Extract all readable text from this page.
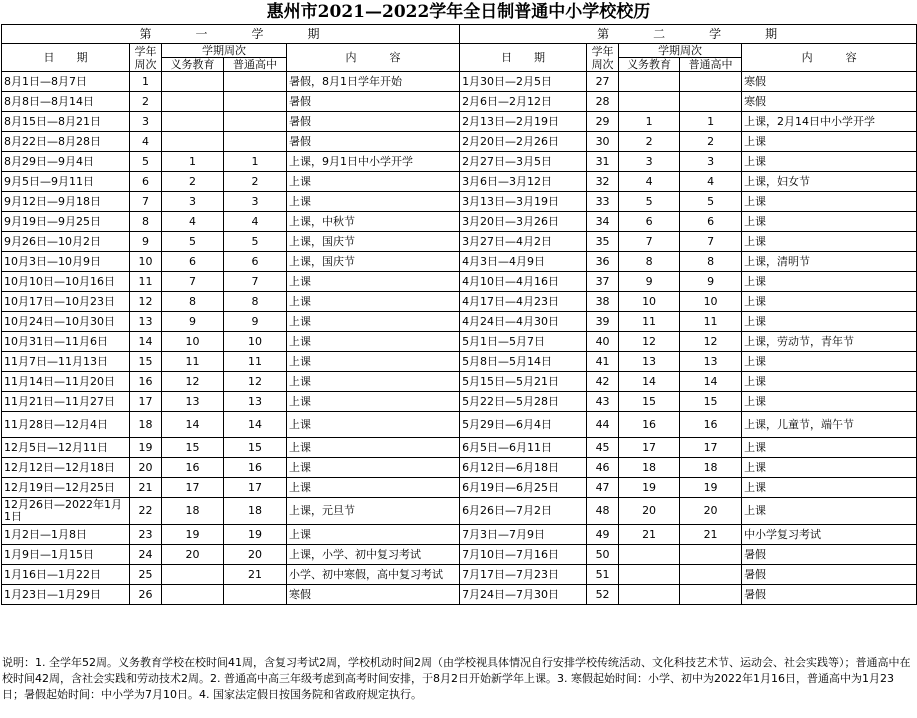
惠州市2021—2022学年全日制普通中小学校校历
第　　　一　　　学　　　期					第　　　二　　　学　　　期				
日　　期	学年周次	学期周次		内　　　容	日　　期	学年周次	学期周次		内　　　容
		义务教育	普通高中				义务教育	普通高中	
8月1日—8月7日	1			暑假，8月1日学年开始	1月30日—2月5日	27			寒假
8月8日—8月14日	2			暑假	2月6日—2月12日	28			寒假
8月15日—8月21日	3			暑假	2月13日—2月19日	29	1	1	上课，2月14日中小学开学
8月22日—8月28日	4			暑假	2月20日—2月26日	30	2	2	上课
8月29日—9月4日	5	1	1	上课，9月1日中小学开学	2月27日—3月5日	31	3	3	上课
9月5日—9月11日	6	2	2	上课	3月6日—3月12日	32	4	4	上课，妇女节
9月12日—9月18日	7	3	3	上课	3月13日—3月19日	33	5	5	上课
9月19日—9月25日	8	4	4	上课，中秋节	3月20日—3月26日	34	6	6	上课
9月26日—10月2日	9	5	5	上课，国庆节	3月27日—4月2日	35	7	7	上课
10月3日—10月9日	10	6	6	上课，国庆节	4月3日—4月9日	36	8	8	上课，清明节
10月10日—10月16日	11	7	7	上课	4月10日—4月16日	37	9	9	上课
10月17日—10月23日	12	8	8	上课	4月17日—4月23日	38	10	10	上课
10月24日—10月30日	13	9	9	上课	4月24日—4月30日	39	11	11	上课
10月31日—11月6日	14	10	10	上课	5月1日—5月7日	40	12	12	上课，劳动节，青年节
11月7日—11月13日	15	11	11	上课	5月8日—5月14日	41	13	13	上课
11月14日—11月20日	16	12	12	上课	5月15日—5月21日	42	14	14	上课
11月21日—11月27日	17	13	13	上课	5月22日—5月28日	43	15	15	上课
11月28日—12月4日	18	14	14	上课	5月29日—6月4日	44	16	16	上课，儿童节，端午节
12月5日—12月11日	19	15	15	上课	6月5日—6月11日	45	17	17	上课
12月12日—12月18日	20	16	16	上课	6月12日—6月18日	46	18	18	上课
12月19日—12月25日	21	17	17	上课	6月19日—6月25日	47	19	19	上课
12月26日—2022年1月1日	22	18	18	上课，元旦节	6月26日—7月2日	48	20	20	上课
1月2日—1月8日	23	19	19	上课	7月3日—7月9日	49	21	21	中小学复习考试
1月9日—1月15日	24	20	20	上课，小学、初中复习考试	7月10日—7月16日	50			暑假
1月16日—1月22日	25		21	小学、初中寒假，高中复习考试	7月17日—7月23日	51			暑假
1月23日—1月29日	26			寒假	7月24日—7月30日	52			暑假
说明：1. 全学年52周。义务教育学校在校时间41周，含复习考试2周，学校机动时间2周（由学校视具体情况自行安排学校传统活动、文化科技艺术节、运动会、社会实践等）；普通高中在校时间42周，含社会实践和劳动技术2周。2. 普通高中高三年级考虑到高考时间安排，于8月2日开始新学年上课。3. 寒假起始时间：小学、初中为2022年1月16日，普通高中为1月23日；暑假起始时间：中小学为7月10日。4. 国家法定假日按国务院和省政府规定执行。
